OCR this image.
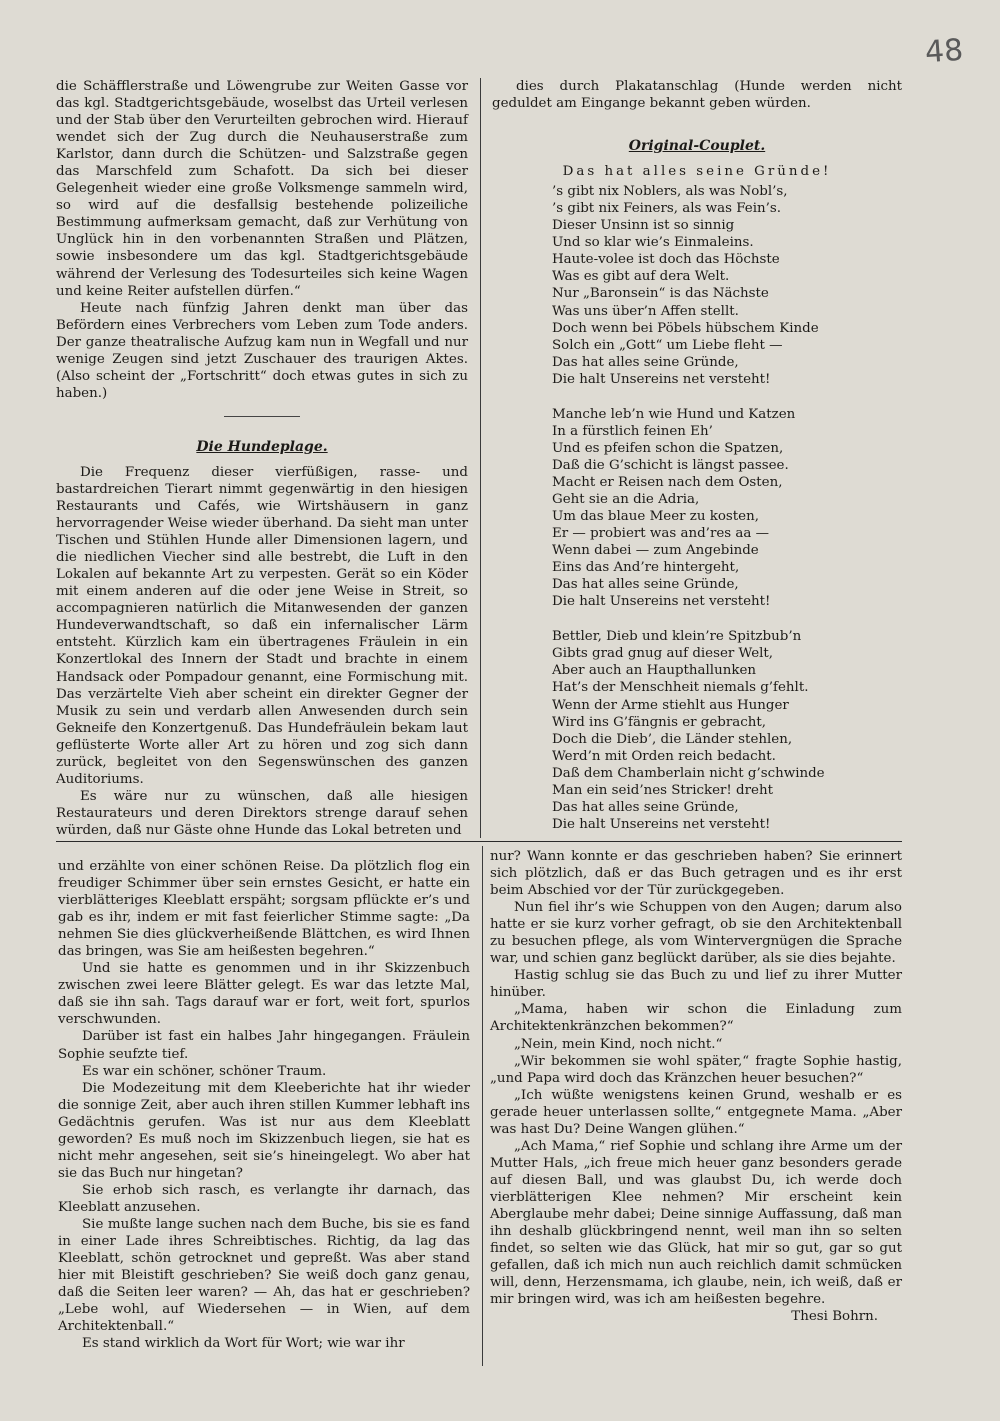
48

die Schäfflerstraße und Löwengrube zur Weiten Gasse vor das kgl. Stadtgerichtsgebäude, woselbst das Urteil verlesen und der Stab über den Verurteilten gebrochen wird. Hierauf wendet sich der Zug durch die Neuhauserstraße zum Karlstor, dann durch die Schützen- und Salzstraße gegen das Marschfeld zum Schafott. Da sich bei dieser Gelegenheit wieder eine große Volksmenge sammeln wird, so wird auf die desfallsig bestehende polizeiliche Bestimmung aufmerksam gemacht, daß zur Verhütung von Unglück hin in den vorbenannten Straßen und Plätzen, sowie insbesondere um das kgl. Stadtgerichtsgebäude während der Verlesung des Todesurteiles sich keine Wagen und keine Reiter aufstellen dürfen.“

Heute nach fünfzig Jahren denkt man über das Befördern eines Verbrechers vom Leben zum Tode anders. Der ganze theatralische Aufzug kam nun in Wegfall und nur wenige Zeugen sind jetzt Zuschauer des traurigen Aktes. (Also scheint der „Fortschritt“ doch etwas gutes in sich zu haben.)

Die Hundeplage.

Die Frequenz dieser vierfüßigen, rasse- und bastardreichen Tierart nimmt gegenwärtig in den hiesigen Restaurants und Cafés, wie Wirtshäusern in ganz hervorragender Weise wieder überhand. Da sieht man unter Tischen und Stühlen Hunde aller Dimensionen lagern, und die niedlichen Viecher sind alle bestrebt, die Luft in den Lokalen auf bekannte Art zu verpesten. Gerät so ein Köder mit einem anderen auf die oder jene Weise in Streit, so accompagnieren natürlich die Mitanwesenden der ganzen Hundeverwandtschaft, so daß ein infernalischer Lärm entsteht. Kürzlich kam ein übertragenes Fräulein in ein Konzertlokal des Innern der Stadt und brachte in einem Handsack oder Pompadour genannt, eine Formischung mit. Das verzärtelte Vieh aber scheint ein direkter Gegner der Musik zu sein und verdarb allen Anwesenden durch sein Gekneife den Konzertgenuß. Das Hundefräulein bekam laut geflüsterte Worte aller Art zu hören und zog sich dann zurück, begleitet von den Segenswünschen des ganzen Auditoriums.

Es wäre nur zu wünschen, daß alle hiesigen Restaurateurs und deren Direktors strenge darauf sehen würden, daß nur Gäste ohne Hunde das Lokal betreten und

dies durch Plakatanschlag (Hunde werden nicht geduldet am Eingange bekannt geben würden.

Original-Couplet.
Das hat alles seine Gründe!
’s gibt nix Noblers, als was Nobl’s,
’s gibt nix Feiners, als was Fein’s.
Dieser Unsinn ist so sinnig
Und so klar wie’s Einmaleins.
Haute-volee ist doch das Höchste
Was es gibt auf dera Welt.
Nur „Baronsein“ is das Nächste
Was uns über’n Affen stellt.
Doch wenn bei Pöbels hübschem Kinde
Solch ein „Gott“ um Liebe fleht —
Das hat alles seine Gründe,
Die halt Unsereins net versteht!
Manche leb’n wie Hund und Katzen
In a fürstlich feinen Eh’
Und es pfeifen schon die Spatzen,
Daß die G’schicht is längst passee.
Macht er Reisen nach dem Osten,
Geht sie an die Adria,
Um das blaue Meer zu kosten,
Er — probiert was and’res aa —
Wenn dabei — zum Angebinde
Eins das And’re hintergeht,
Das hat alles seine Gründe,
Die halt Unsereins net versteht!
Bettler, Dieb und klein’re Spitzbub’n
Gibts grad gnug auf dieser Welt,
Aber auch an Haupthallunken
Hat’s der Menschheit niemals g’fehlt.
Wenn der Arme stiehlt aus Hunger
Wird ins G’fängnis er gebracht,
Doch die Dieb’, die Länder stehlen,
Werd’n mit Orden reich bedacht.
Daß dem Chamberlain nicht g’schwinde
Man ein seid’nes Stricker! dreht
Das hat alles seine Gründe,
Die halt Unsereins net versteht!

und erzählte von einer schönen Reise. Da plötzlich flog ein freudiger Schimmer über sein ernstes Gesicht, er hatte ein vierblätteriges Kleeblatt erspäht; sorgsam pflückte er’s und gab es ihr, indem er mit fast feierlicher Stimme sagte: „Da nehmen Sie dies glückverheißende Blättchen, es wird Ihnen das bringen, was Sie am heißesten begehren.“

Und sie hatte es genommen und in ihr Skizzenbuch zwischen zwei leere Blätter gelegt. Es war das letzte Mal, daß sie ihn sah. Tags darauf war er fort, weit fort, spurlos verschwunden.

Darüber ist fast ein halbes Jahr hingegangen. Fräulein Sophie seufzte tief.

Es war ein schöner, schöner Traum.

Die Modezeitung mit dem Kleeberichte hat ihr wieder die sonnige Zeit, aber auch ihren stillen Kummer lebhaft ins Gedächtnis gerufen. Was ist nur aus dem Kleeblatt geworden? Es muß noch im Skizzenbuch liegen, sie hat es nicht mehr angesehen, seit sie’s hineingelegt. Wo aber hat sie das Buch nur hingetan?

Sie erhob sich rasch, es verlangte ihr darnach, das Kleeblatt anzusehen.

Sie mußte lange suchen nach dem Buche, bis sie es fand in einer Lade ihres Schreibtisches. Richtig, da lag das Kleeblatt, schön getrocknet und gepreßt. Was aber stand hier mit Bleistift geschrieben? Sie weiß doch ganz genau, daß die Seiten leer waren? — Ah, das hat er geschrieben? „Lebe wohl, auf Wiedersehen — in Wien, auf dem Architektenball.“

Es stand wirklich da Wort für Wort; wie war ihr

nur? Wann konnte er das geschrieben haben? Sie erinnert sich plötzlich, daß er das Buch getragen und es ihr erst beim Abschied vor der Tür zurückgegeben.

Nun fiel ihr’s wie Schuppen von den Augen; darum also hatte er sie kurz vorher gefragt, ob sie den Architektenball zu besuchen pflege, als vom Wintervergnügen die Sprache war, und schien ganz beglückt darüber, als sie dies bejahte.

Hastig schlug sie das Buch zu und lief zu ihrer Mutter hinüber.

„Mama, haben wir schon die Einladung zum Architektenkränzchen bekommen?“

„Nein, mein Kind, noch nicht.“

„Wir bekommen sie wohl später,“ fragte Sophie hastig, „und Papa wird doch das Kränzchen heuer besuchen?“

„Ich wüßte wenigstens keinen Grund, weshalb er es gerade heuer unterlassen sollte,“ entgegnete Mama. „Aber was hast Du? Deine Wangen glühen.“

„Ach Mama,“ rief Sophie und schlang ihre Arme um der Mutter Hals, „ich freue mich heuer ganz besonders gerade auf diesen Ball, und was glaubst Du, ich werde doch vierblätterigen Klee nehmen? Mir erscheint kein Aberglaube mehr dabei; Deine sinnige Auffassung, daß man ihn deshalb glückbringend nennt, weil man ihn so selten findet, so selten wie das Glück, hat mir so gut, gar so gut gefallen, daß ich mich nun auch reichlich damit schmücken will, denn, Herzensmama, ich glaube, nein, ich weiß, daß er mir bringen wird, was ich am heißesten begehre.

Thesi Bohrn.
